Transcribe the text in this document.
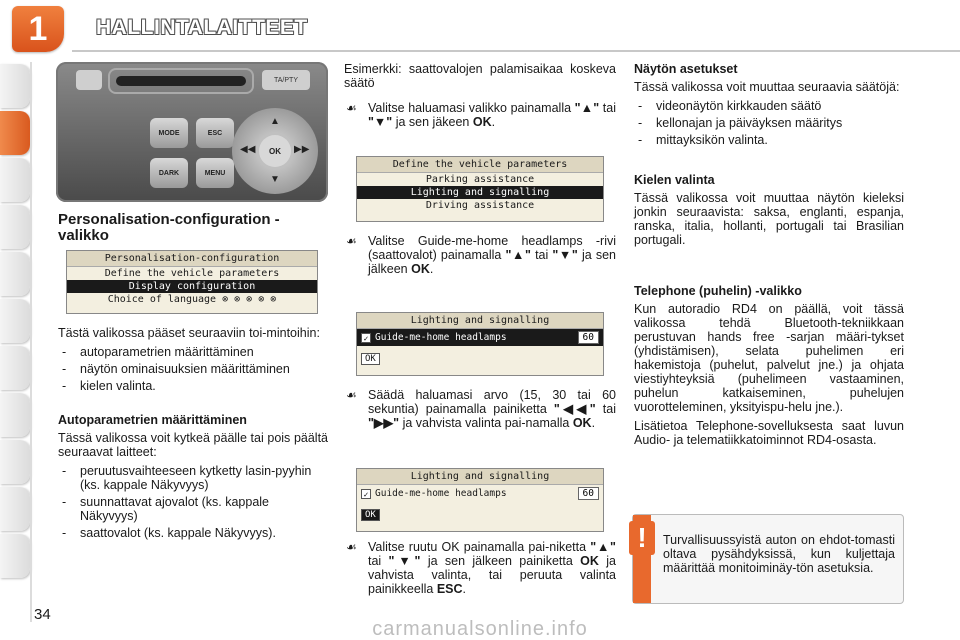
1	HALLINTALAITTEET
TA/PTY
MODE
DARK
ESC
MENU
OK
▲
▼
◀◀	▶▶
Personalisation-configuration -valikko
Personalisation-configuration
Define the vehicle parameters
Display configuration
Choice of language ⊗ ⊗ ⊗ ⊗ ⊗

Tästä valikossa pääset seuraaviin toi-mintoihin:

- autoparametrien määrittäminen
- näytön ominaisuuksien määrittäminen
- kielen valinta.
Autoparametrien määrittäminen

Tässä valikossa voit kytkeä päälle tai pois päältä seuraavat laitteet:

- peruutusvaihteeseen kytketty lasin-pyyhin (ks. kappale Näkyvyys)
- suunnattavat ajovalot (ks. kappale Näkyvyys)
- saattovalot (ks. kappale Näkyvyys).

Esimerkki: saattovalojen palamisaikaa koskeva säätö

☙ Valitse haluamasi valikko painamalla "▲" tai "▼" ja sen jäkeen OK.
Define the vehicle parameters
Parking assistance
Lighting and signalling
Driving assistance
☙ Valitse Guide-me-home headlamps -rivi (saattovalot) painamalla "▲" tai "▼" ja sen jälkeen OK.
Lighting and signalling
✓ Guide-me-home headlamps	60
OK
☙ Säädä haluamasi arvo (15, 30 tai 60 sekuntia) painamalla painiketta "◀◀" tai "▶▶" ja vahvista valinta pai-namalla OK.
Lighting and signalling
✓ Guide-me-home headlamps	60
OK
☙ Valitse ruutu OK painamalla pai-niketta "▲" tai "▼" ja sen jälkeen painiketta OK ja vahvista valinta, tai peruuta valinta painikkeella ESC.
Näytön asetukset

Tässä valikossa voit muuttaa seuraavia säätöjä:

- videonäytön kirkkauden säätö
- kellonajan ja päiväyksen määritys
- mittayksikön valinta.
Kielen valinta

Tässä valikossa voit muuttaa näytön kieleksi jonkin seuraavista: saksa, englanti, espanja, ranska, italia, hollanti, portugali tai Brasilian portugali.

Telephone (puhelin) -valikko

Kun autoradio RD4 on päällä, voit tässä valikossa tehdä Bluetooth-tekniikkaan perustuvan hands free -sarjan määri-tykset (yhdistämisen), selata puhelimen eri hakemistoja (puhelut, palvelut jne.) ja ohjata viestiyhteyksiä (puhelimeen vastaaminen, puhelun katkaiseminen, puhelujen vuorotteleminen, yksityispu-helu jne.).

Lisätietoa Telephone-sovelluksesta saat luvun Audio- ja telematiikkatoiminnot RD4-osasta.

!	Turvallisuussyistä auton on ehdot-tomasti oltava pysähdyksissä, kun kuljettaja määrittää monitoiminäy-tön asetuksia.
34
carmanualsonline.info
